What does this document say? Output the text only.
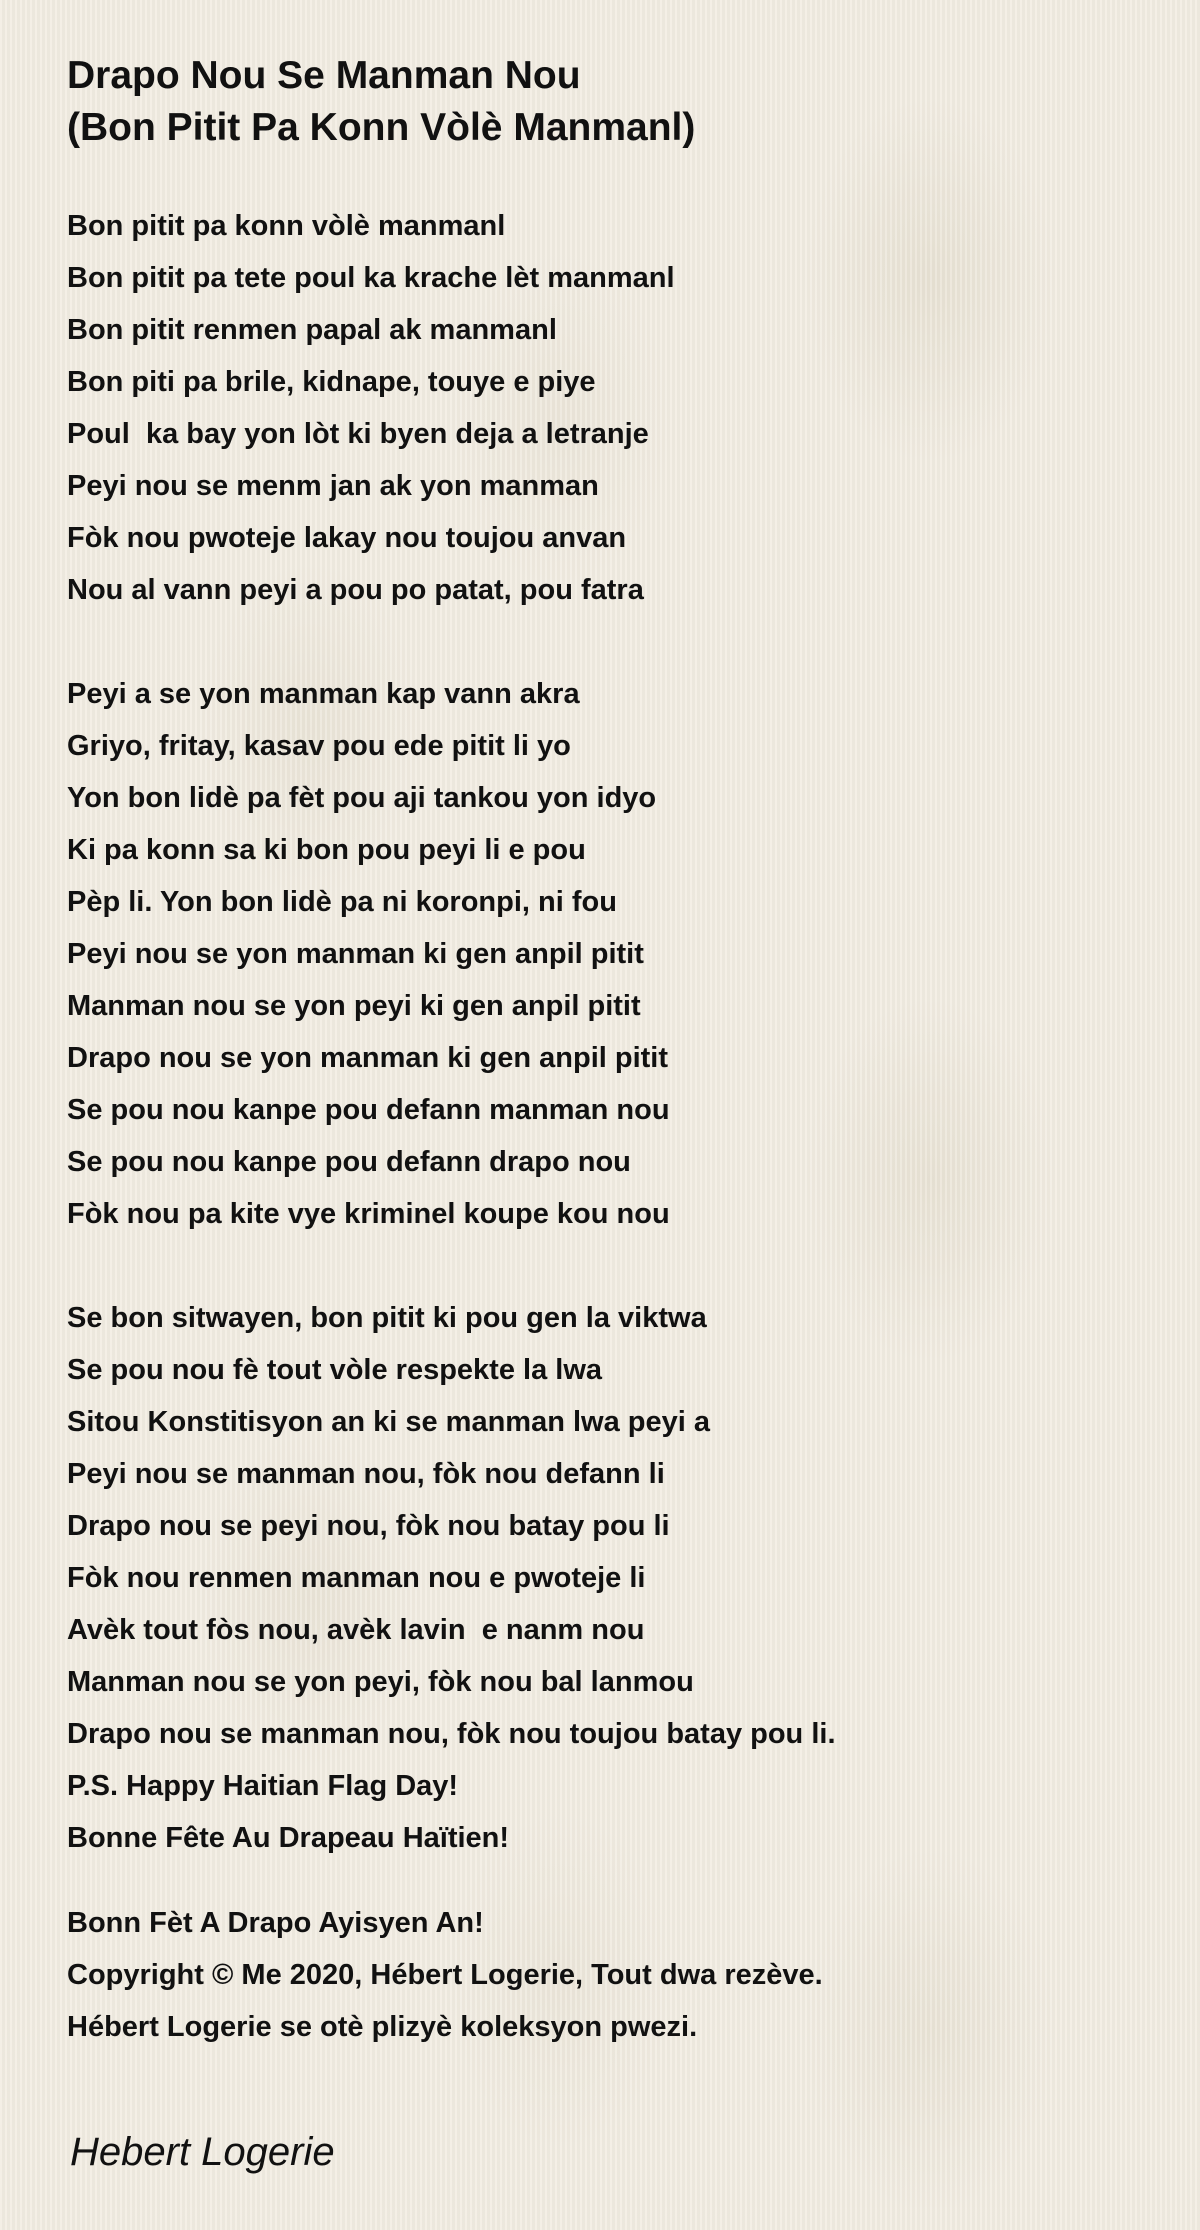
Drapo Nou Se Manman Nou
(Bon Pitit Pa Konn Vòlè Manmanl)
Bon pitit pa konn vòlè manmanl
Bon pitit pa tete poul ka krache lèt manmanl
Bon pitit renmen papal ak manmanl
Bon piti pa brile, kidnape, touye e piye
Poul  ka bay yon lòt ki byen deja a letranje
Peyi nou se menm jan ak yon manman
Fòk nou pwoteje lakay nou toujou anvan
Nou al vann peyi a pou po patat, pou fatra
Peyi a se yon manman kap vann akra
Griyo, fritay, kasav pou ede pitit li yo
Yon bon lidè pa fèt pou aji tankou yon idyo
Ki pa konn sa ki bon pou peyi li e pou
Pèp li. Yon bon lidè pa ni koronpi, ni fou
Peyi nou se yon manman ki gen anpil pitit
Manman nou se yon peyi ki gen anpil pitit
Drapo nou se yon manman ki gen anpil pitit
Se pou nou kanpe pou defann manman nou
Se pou nou kanpe pou defann drapo nou
Fòk nou pa kite vye kriminel koupe kou nou
Se bon sitwayen, bon pitit ki pou gen la viktwa
Se pou nou fè tout vòle respekte la lwa
Sitou Konstitisyon an ki se manman lwa peyi a
Peyi nou se manman nou, fòk nou defann li
Drapo nou se peyi nou, fòk nou batay pou li
Fòk nou renmen manman nou e pwoteje li
Avèk tout fòs nou, avèk lavin  e nanm nou
Manman nou se yon peyi, fòk nou bal lanmou
Drapo nou se manman nou, fòk nou toujou batay pou li.
P.S. Happy Haitian Flag Day!
Bonne Fête Au Drapeau Haïtien!
Bonn Fèt A Drapo Ayisyen An!
Copyright © Me 2020, Hébert Logerie, Tout dwa rezève.
Hébert Logerie se otè plizyè koleksyon pwezi.
Hebert Logerie
